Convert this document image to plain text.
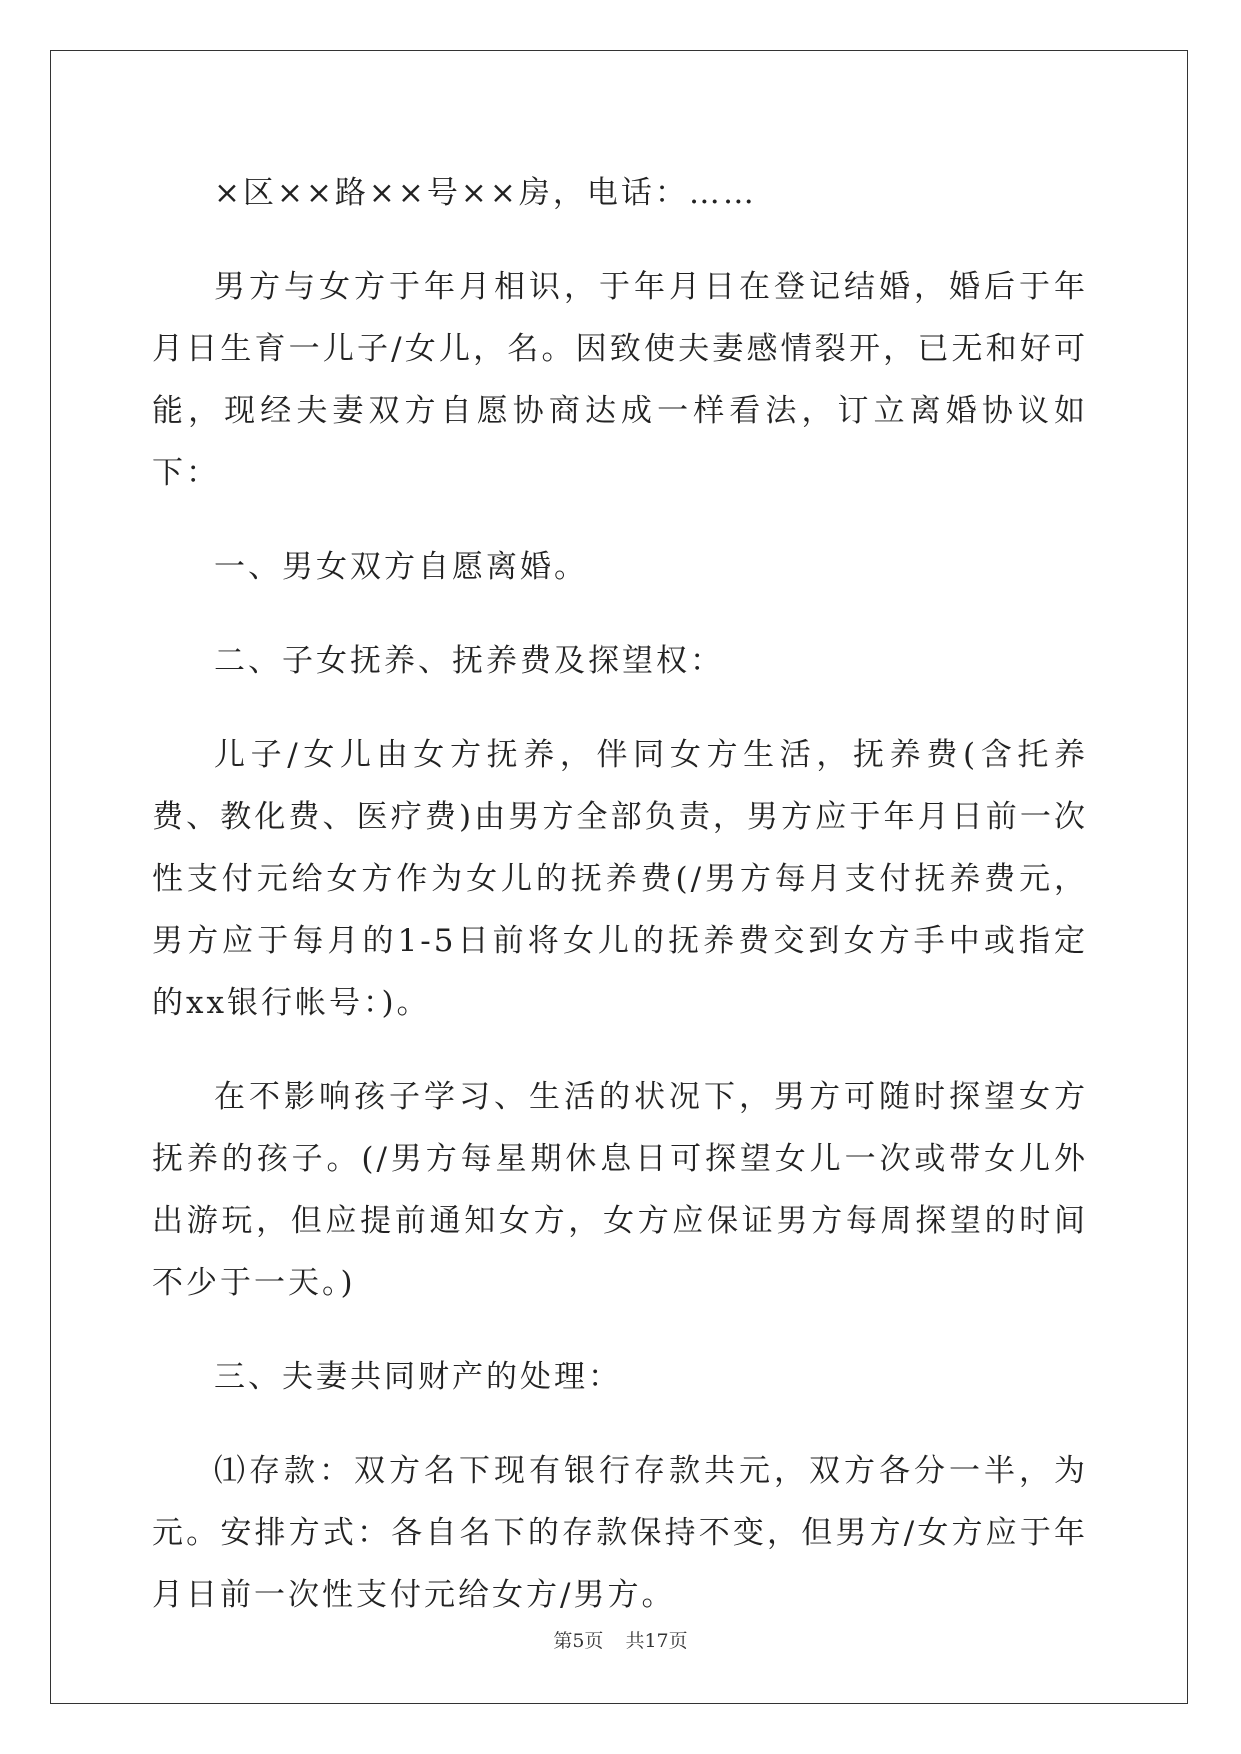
×区××路××号××房，电话：……

男方与女方于年月相识，于年月日在登记结婚，婚后于年月日生育一儿子/女儿，名。因致使夫妻感情裂开，已无和好可能，现经夫妻双方自愿协商达成一样看法，订立离婚协议如下：

一、男女双方自愿离婚。

二、子女抚养、抚养费及探望权：

儿子/女儿由女方抚养，伴同女方生活，抚养费(含托养费、教化费、医疗费)由男方全部负责，男方应于年月日前一次性支付元给女方作为女儿的抚养费(/男方每月支付抚养费元，男方应于每月的1-5日前将女儿的抚养费交到女方手中或指定的xx银行帐号：)。

在不影响孩子学习、生活的状况下，男方可随时探望女方抚养的孩子。(/男方每星期休息日可探望女儿一次或带女儿外出游玩，但应提前通知女方，女方应保证男方每周探望的时间不少于一天。)

三、夫妻共同财产的处理：

⑴存款：双方名下现有银行存款共元，双方各分一半，为元。安排方式：各自名下的存款保持不变，但男方/女方应于年月日前一次性支付元给女方/男方。

第5页 共17页
